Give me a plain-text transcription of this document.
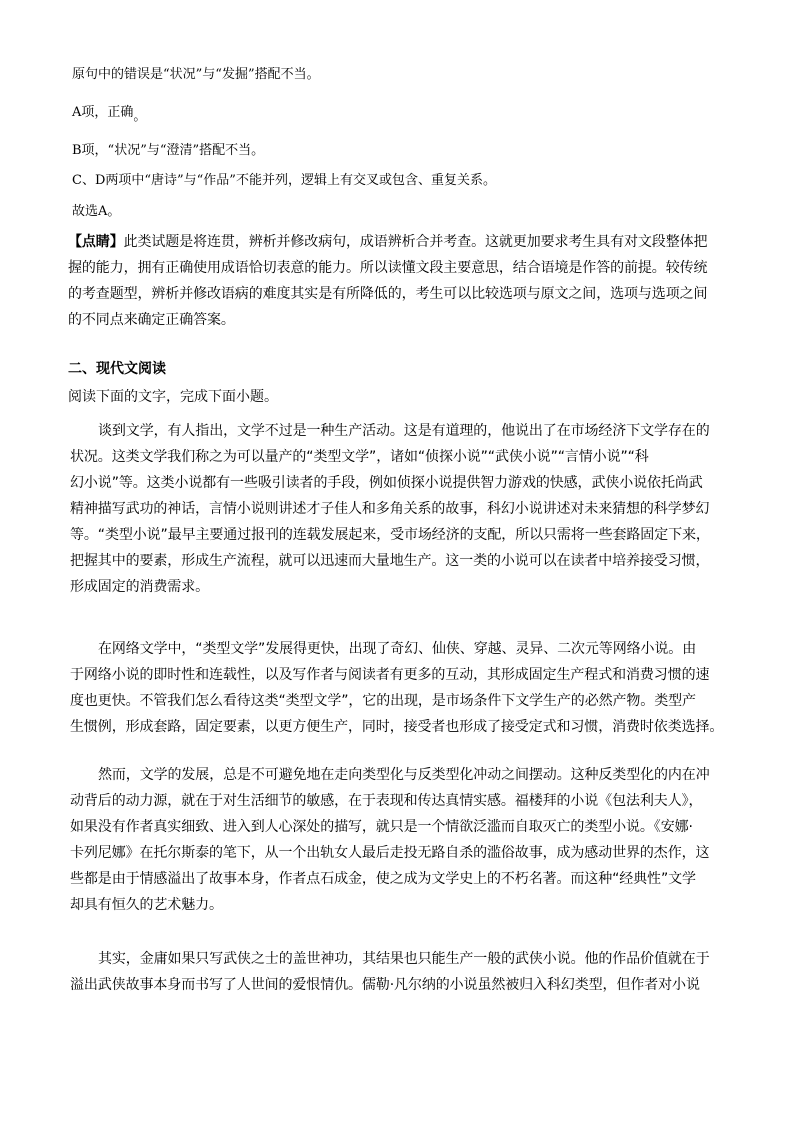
原句中的错误是“状况”与“发掘”搭配不当。
A项，正确。
B项，“状况”与“澄清”搭配不当。
C、D两项中“唐诗”与“作品”不能并列，逻辑上有交叉或包含、重复关系。
故选A。
【点睛】此类试题是将连贯，辨析并修改病句，成语辨析合并考查。这就更加要求考生具有对文段整体把
握的能力，拥有正确使用成语恰切表意的能力。所以读懂文段主要意思，结合语境是作答的前提。较传统
的考查题型，辨析并修改语病的难度其实是有所降低的，考生可以比较选项与原文之间，选项与选项之间
的不同点来确定正确答案。
二、现代文阅读
阅读下面的文字，完成下面小题。
谈到文学，有人指出，文学不过是一种生产活动。这是有道理的，他说出了在市场经济下文学存在的
状况。这类文学我们称之为可以量产的“类型文学”，诸如“侦探小说”“武侠小说”“言情小说”“科
幻小说”等。这类小说都有一些吸引读者的手段，例如侦探小说提供智力游戏的快感，武侠小说依托尚武
精神描写武功的神话，言情小说则讲述才子佳人和多角关系的故事，科幻小说讲述对未来猜想的科学梦幻
等。“类型小说”最早主要通过报刊的连载发展起来，受市场经济的支配，所以只需将一些套路固定下来，
把握其中的要素，形成生产流程，就可以迅速而大量地生产。这一类的小说可以在读者中培养接受习惯，
形成固定的消费需求。
在网络文学中，“类型文学”发展得更快，出现了奇幻、仙侠、穿越、灵异、二次元等网络小说。由
于网络小说的即时性和连载性，以及写作者与阅读者有更多的互动，其形成固定生产程式和消费习惯的速
度也更快。不管我们怎么看待这类“类型文学”，它的出现，是市场条件下文学生产的必然产物。类型产
生惯例，形成套路，固定要素，以更方便生产，同时，接受者也形成了接受定式和习惯，消费时依类选择。
然而，文学的发展，总是不可避免地在走向类型化与反类型化冲动之间摆动。这种反类型化的内在冲
动背后的动力源，就在于对生活细节的敏感，在于表现和传达真情实感。福楼拜的小说《包法利夫人》，
如果没有作者真实细致、进入到人心深处的描写，就只是一个情欲泛滥而自取灭亡的类型小说。《安娜·
卡列尼娜》在托尔斯泰的笔下，从一个出轨女人最后走投无路自杀的滥俗故事，成为感动世界的杰作，这
些都是由于情感溢出了故事本身，作者点石成金，使之成为文学史上的不朽名著。而这种“经典性”文学
却具有恒久的艺术魅力。
其实，金庸如果只写武侠之士的盖世神功，其结果也只能生产一般的武侠小说。他的作品价值就在于
溢出武侠故事本身而书写了人世间的爱恨情仇。儒勒·凡尔纳的小说虽然被归入科幻类型，但作者对小说
